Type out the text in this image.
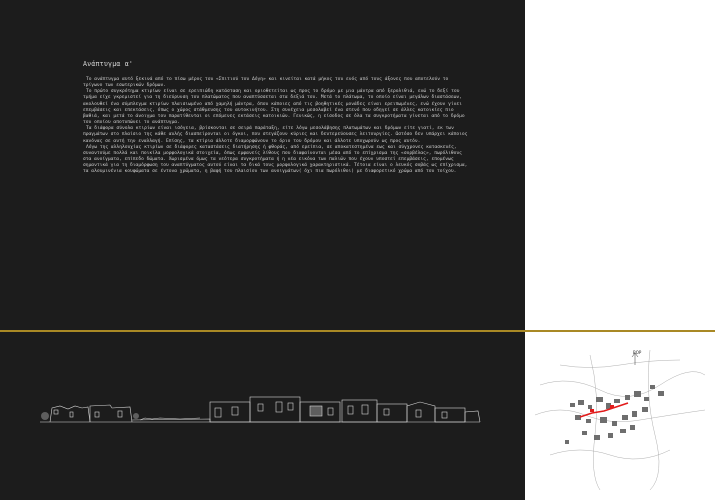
Ανάπτυγμα α'

Το ανάπτυγμα αυτό ξεκινά από το πίσω μέρος του «Σπιτιού του Δόγη» και κινείται κατά μήκος του ενός από τους άξονες που αποτελούν το τρίγωνο των εσωτερικών δρόμων.

Το πρώτο συγκρότημα κτιρίων είναι σε ερειπιώδη κατάσταση και οριοθετείται ως προς το δρόμο με μια μάντρα από ξερολιθιά, ενώ το δεξί του τμήμα είχε γκρεμιστεί για τη διεύρυνση του πλατώματος που αναπτύσσεται στα δεξιά του. Μετά το πλάτωμα, το οποίο είναι μεγάλων διαστάσεων, ακολουθεί ένα σύμπλεγμα κτιρίων πλαισιωμένο από χαμηλή μάντρα, όπου κάποιες από τις βοηθητικές μονάδες είναι ερειπωμένες, ενώ έχουν γίνει επεμβάσεις και επεκτάσεις, όπως ο χώρος στάθμευσης του αυτοκινήτου. Στη συνέχεια μεσολαβεί ένα στενό που οδηγεί σε άλλες κατοικίες πιο βαθιά, και μετά το άνοιγμα του παρατίθενται οι επόμενες εκτάσεις κατοικιών. Γενικώς, η είσοδος σε όλα τα συγκροτήματα γίνεται από το δρόμο του οποίου αποτυπώνει το ανάπτυγμα.

Τα διάφορα σύνολα κτιρίων είναι ισόγεια, βρίσκονται σε σειρά παράταξη, είτε λόγω μεσολάβησης πλατωμάτων και δρόμων είτε γιατί, εκ των πραγμάτων στο πλαίσιο της κάθε αυλής διασπείρονται οι όγκοι, που στεγάζουν κύριες και δευτερεύουσες λειτουργίες. Ωστόσο δεν υπάρχει κάποιος κανόνας σε αυτή την εναλλαγή. Επίσης, τα κτίρια άλλοτε διαμορφώνουν το όριο του δρόμου και άλλοτε υποχωρούν ως προς αυτόν.

Λόγω της αλληλουχίας κτιρίων σε διάφορες καταστάσεις διατήρησης ή φθοράς, από ερείπια, σε αποκατεστημένα εως και σύγχρονες κατασκευές, συναντούμε πολλά και ποικίλα μορφολογικά στοιχεία, όπως εμφανείς λίθους που διαφαίνονται μέσα από το επίχρισμα της «σορβέλας», πωρόλιθους στα ανοίγματα, επίπεδο δώματα. Χωρισμένα όμως τα νεότερα συγκροτήματα ή η νέα εικόνα των παλιών που έχουν υποστεί επεμβάσεις, επομένως σημαντικά για τη διαμόρφωση του αναπτύγματος αυτού είναι τα δικά τους μορφολογικά χαρακτηριστικά. Τέτοια είναι ο λευκός σοβάς ως επίχρισμα, τα αλουμινένια κουφώματα σε έντονα χρώματα, η βαφή του πλαισίου των ανοιγμάτων( όχι πια πωρόλιθοι) με διαφορετικό χρώμα από του τοίχου.

ΒΟΡ
